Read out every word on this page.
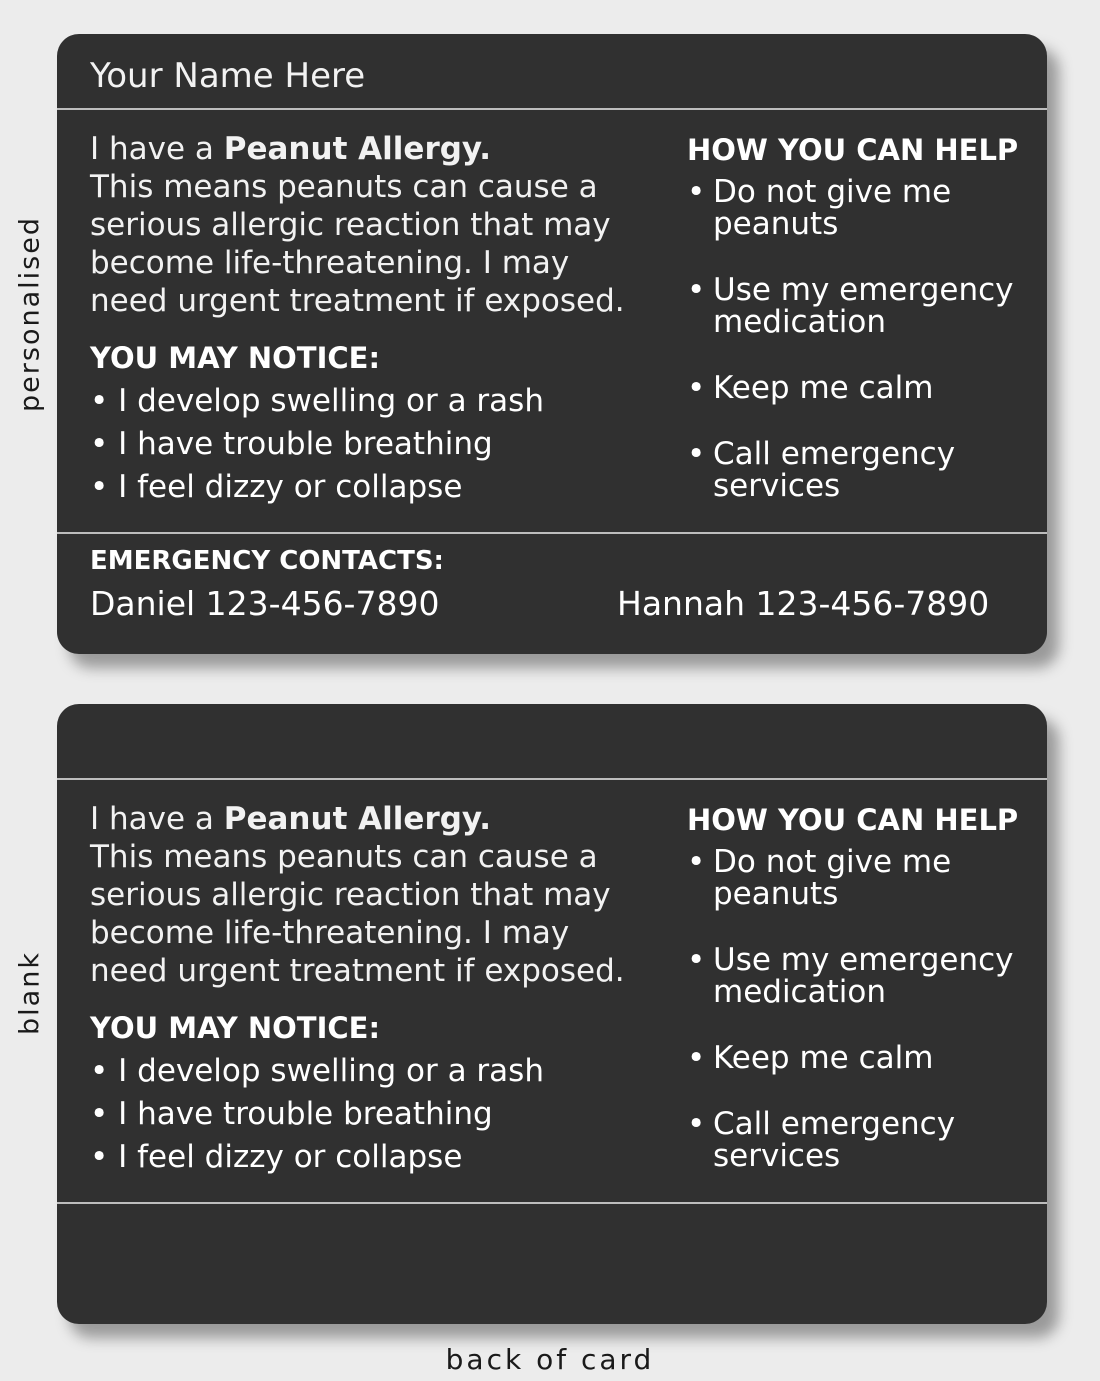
personalised
blank
Your Name Here

I have a Peanut Allergy.
This means peanuts can cause a serious allergic reaction that may become life-threatening. I may need urgent treatment if exposed.

YOU MAY NOTICE:
• I develop swelling or a rash
• I have trouble breathing
• I feel dizzy or collapse
HOW YOU CAN HELP
• Do not give me peanuts
• Use my emergency medication
• Keep me calm
• Call emergency services
EMERGENCY CONTACTS:
Daniel 123-456-7890	Hannah 123-456-7890

I have a Peanut Allergy.
This means peanuts can cause a serious allergic reaction that may become life-threatening. I may need urgent treatment if exposed.

YOU MAY NOTICE:
• I develop swelling or a rash
• I have trouble breathing
• I feel dizzy or collapse
HOW YOU CAN HELP
• Do not give me peanuts
• Use my emergency medication
• Keep me calm
• Call emergency services
back of card
